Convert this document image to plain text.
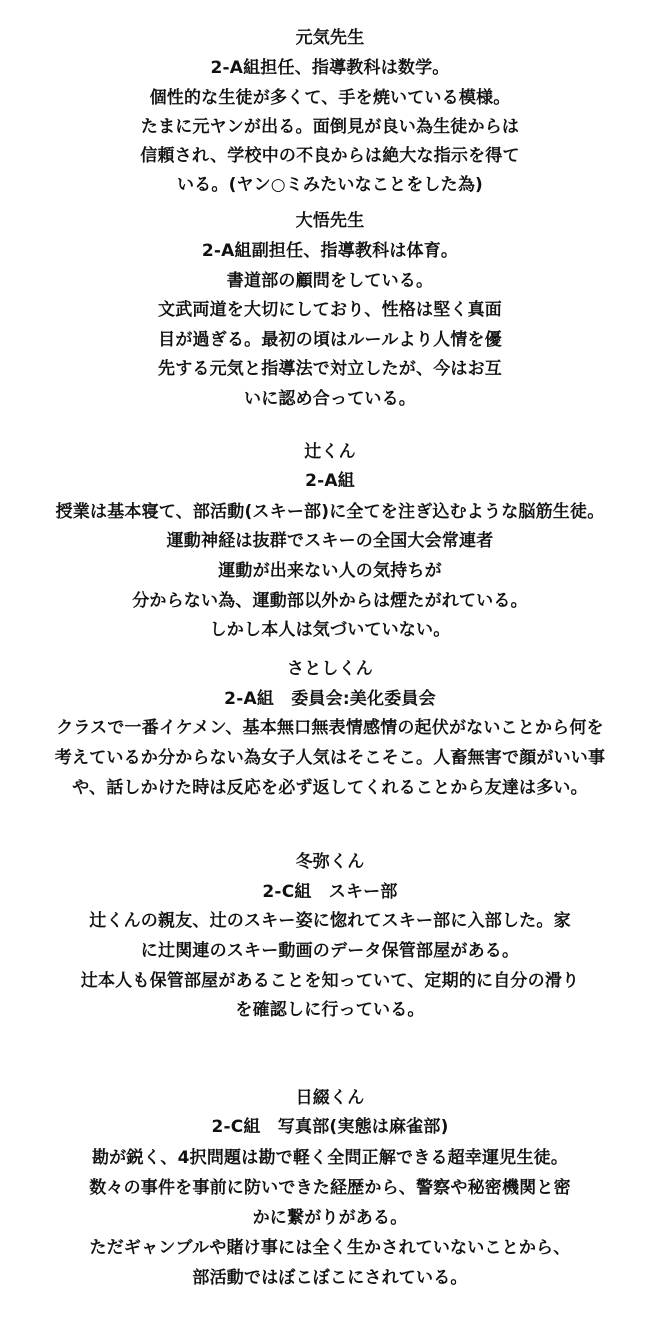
元気先生
2-A組担任、指導教科は数学。
個性的な生徒が多くて、手を焼いている模様。
たまに元ヤンが出る。面倒見が良い為生徒からは
信頼され、学校中の不良からは絶大な指示を得て
いる。(ヤン○ミみたいなことをした為)
大悟先生
2-A組副担任、指導教科は体育。
書道部の顧問をしている。
文武両道を大切にしており、性格は堅く真面
目が過ぎる。最初の頃はルールより人情を優
先する元気と指導法で対立したが、今はお互
いに認め合っている。
辻くん
2-A組
授業は基本寝て、部活動(スキー部)に全てを注ぎ込むような脳筋生徒。
運動神経は抜群でスキーの全国大会常連者
運動が出来ない人の気持ちが
分からない為、運動部以外からは煙たがれている。
しかし本人は気づいていない。
さとしくん
2-A組　委員会:美化委員会
クラスで一番イケメン、基本無口無表情感情の起伏がないことから何を
考えているか分からない為女子人気はそこそこ。人畜無害で顔がいい事
や、話しかけた時は反応を必ず返してくれることから友達は多い。
冬弥くん
2-C組　スキー部
辻くんの親友、辻のスキー姿に惚れてスキー部に入部した。家
に辻関連のスキー動画のデータ保管部屋がある。
辻本人も保管部屋があることを知っていて、定期的に自分の滑り
を確認しに行っている。
日綴くん
2-C組　写真部(実態は麻雀部)
勘が鋭く、4択問題は勘で軽く全問正解できる超幸運児生徒。
数々の事件を事前に防いできた経歴から、警察や秘密機関と密
かに繋がりがある。
ただギャンブルや賭け事には全く生かされていないことから、
部活動ではぼこぼこにされている。
